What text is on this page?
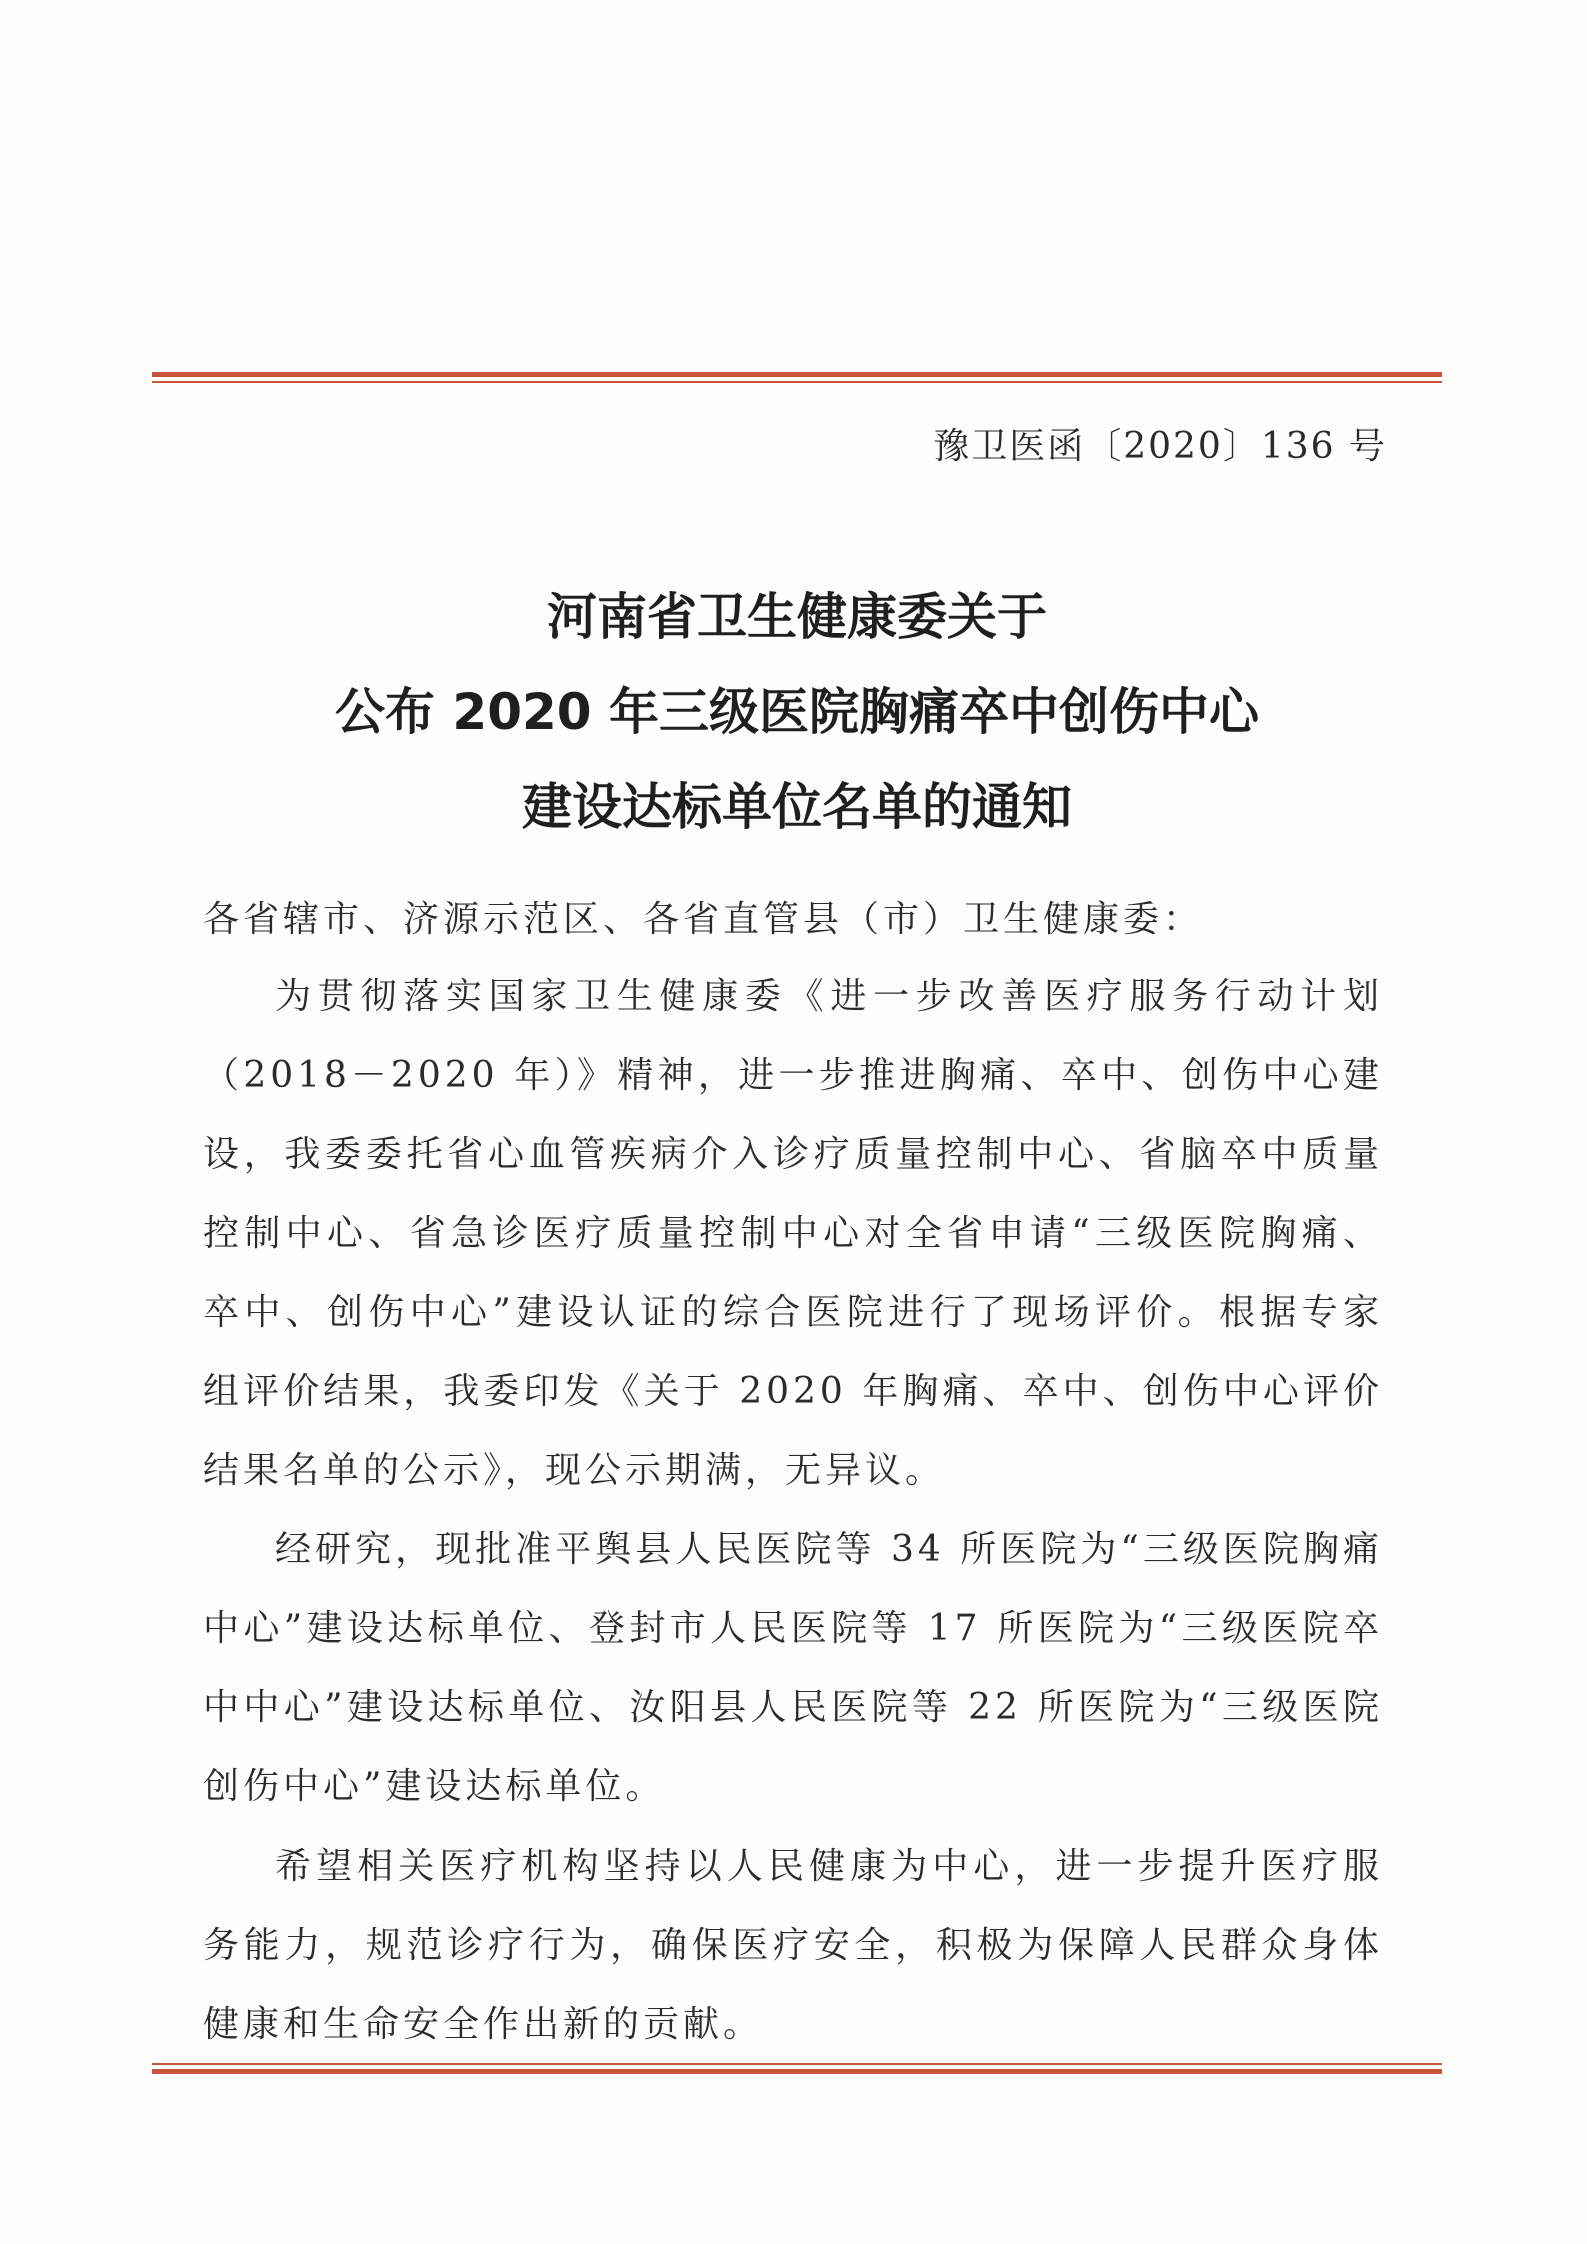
豫卫医函〔2020〕136 号
河南省卫生健康委关于
公布 2020 年三级医院胸痛卒中创伤中心
建设达标单位名单的通知
各省辖市、济源示范区、各省直管县（市）卫生健康委：
为贯彻落实国家卫生健康委《进一步改善医疗服务行动计划（2018－2020 年）》精神，进一步推进胸痛、卒中、创伤中心建设，我委委托省心血管疾病介入诊疗质量控制中心、省脑卒中质量控制中心、省急诊医疗质量控制中心对全省申请“三级医院胸痛、卒中、创伤中心”建设认证的综合医院进行了现场评价。根据专家组评价结果，我委印发《关于 2020 年胸痛、卒中、创伤中心评价结果名单的公示》，现公示期满，无异议。
经研究，现批准平舆县人民医院等 34 所医院为“三级医院胸痛中心”建设达标单位、登封市人民医院等 17 所医院为“三级医院卒中中心”建设达标单位、汝阳县人民医院等 22 所医院为“三级医院创伤中心”建设达标单位。
希望相关医疗机构坚持以人民健康为中心，进一步提升医疗服务能力，规范诊疗行为，确保医疗安全，积极为保障人民群众身体健康和生命安全作出新的贡献。
